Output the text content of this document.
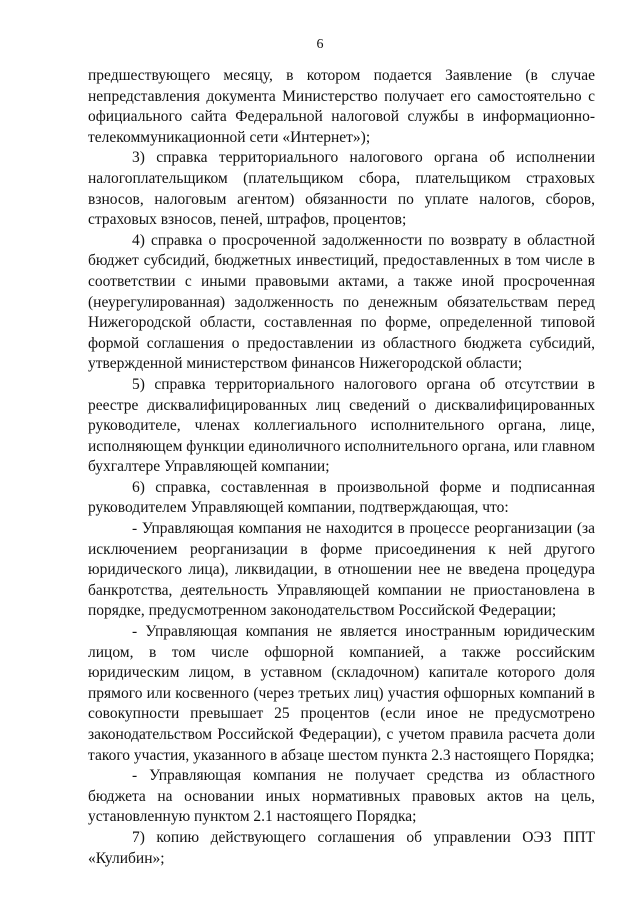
6

предшествующего месяцу, в котором подается Заявление (в случае непредставления документа Министерство получает его самостоятельно с официального сайта Федеральной налоговой службы в информационно-телекоммуникационной сети «Интернет»);

3) справка территориального налогового органа об исполнении налогоплательщиком (плательщиком сбора, плательщиком страховых взносов, налоговым агентом) обязанности по уплате налогов, сборов, страховых взносов, пеней, штрафов, процентов;

4) справка о просроченной задолженности по возврату в областной бюджет субсидий, бюджетных инвестиций, предоставленных в том числе в соответствии с иными правовыми актами, а также иной просроченная (неурегулированная) задолженность по денежным обязательствам перед Нижегородской области, составленная по форме, определенной типовой формой соглашения о предоставлении из областного бюджета субсидий, утвержденной министерством финансов Нижегородской области;

5) справка территориального налогового органа об отсутствии в реестре дисквалифицированных лиц сведений о дисквалифицированных руководителе, членах коллегиального исполнительного органа, лице, исполняющем функции единоличного исполнительного органа, или главном бухгалтере Управляющей компании;

6) справка, составленная в произвольной форме и подписанная руководителем Управляющей компании, подтверждающая, что:

- Управляющая компания не находится в процессе реорганизации (за исключением реорганизации в форме присоединения к ней другого юридического лица), ликвидации, в отношении нее не введена процедура банкротства, деятельность Управляющей компании не приостановлена в порядке, предусмотренном законодательством Российской Федерации;

- Управляющая компания не является иностранным юридическим лицом, в том числе офшорной компанией, а также российским юридическим лицом, в уставном (складочном) капитале которого доля прямого или косвенного (через третьих лиц) участия офшорных компаний в совокупности превышает 25 процентов (если иное не предусмотрено законодательством Российской Федерации), с учетом правила расчета доли такого участия, указанного в абзаце шестом пункта 2.3 настоящего Порядка;

- Управляющая компания не получает средства из областного бюджета на основании иных нормативных правовых актов на цель, установленную пунктом 2.1 настоящего Порядка;

7) копию действующего соглашения об управлении ОЭЗ ППТ «Кулибин»;
